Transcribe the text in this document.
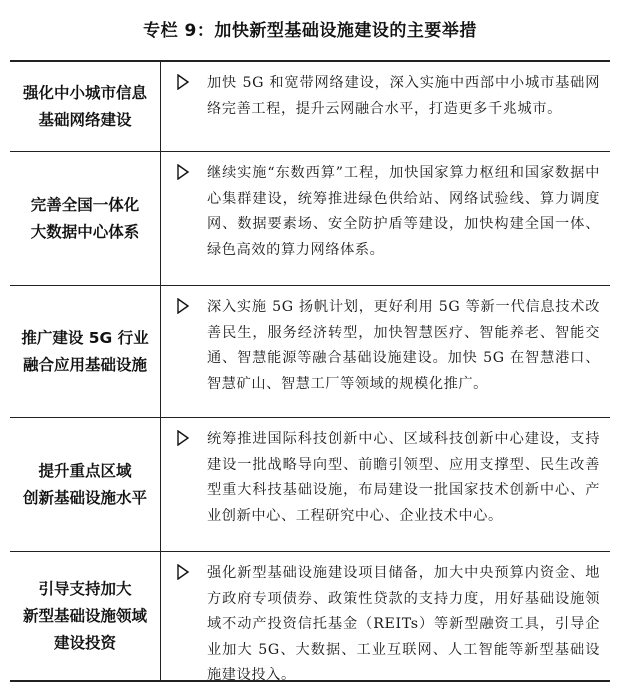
专栏 9：加快新型基础设施建设的主要举措
强化中小城市信息
基础网络建设
加快 5G 和宽带网络建设，深入实施中西部中小城市基础网络完善工程，提升云网融合水平，打造更多千兆城市。
完善全国一体化
大数据中心体系
继续实施“东数西算”工程，加快国家算力枢纽和国家数据中心集群建设，统筹推进绿色供给站、网络试验线、算力调度网、数据要素场、安全防护盾等建设，加快构建全国一体、绿色高效的算力网络体系。
推广建设 5G 行业
融合应用基础设施
深入实施 5G 扬帆计划，更好利用 5G 等新一代信息技术改善民生，服务经济转型，加快智慧医疗、智能养老、智能交通、智慧能源等融合基础设施建设。加快 5G 在智慧港口、智慧矿山、智慧工厂等领域的规模化推广。
提升重点区域
创新基础设施水平
统筹推进国际科技创新中心、区域科技创新中心建设，支持建设一批战略导向型、前瞻引领型、应用支撑型、民生改善型重大科技基础设施，布局建设一批国家技术创新中心、产业创新中心、工程研究中心、企业技术中心。
引导支持加大
新型基础设施领域
建设投资
强化新型基础设施建设项目储备，加大中央预算内资金、地方政府专项债券、政策性贷款的支持力度，用好基础设施领域不动产投资信托基金（REITs）等新型融资工具，引导企业加大 5G、大数据、工业互联网、人工智能等新型基础设施建设投入。
